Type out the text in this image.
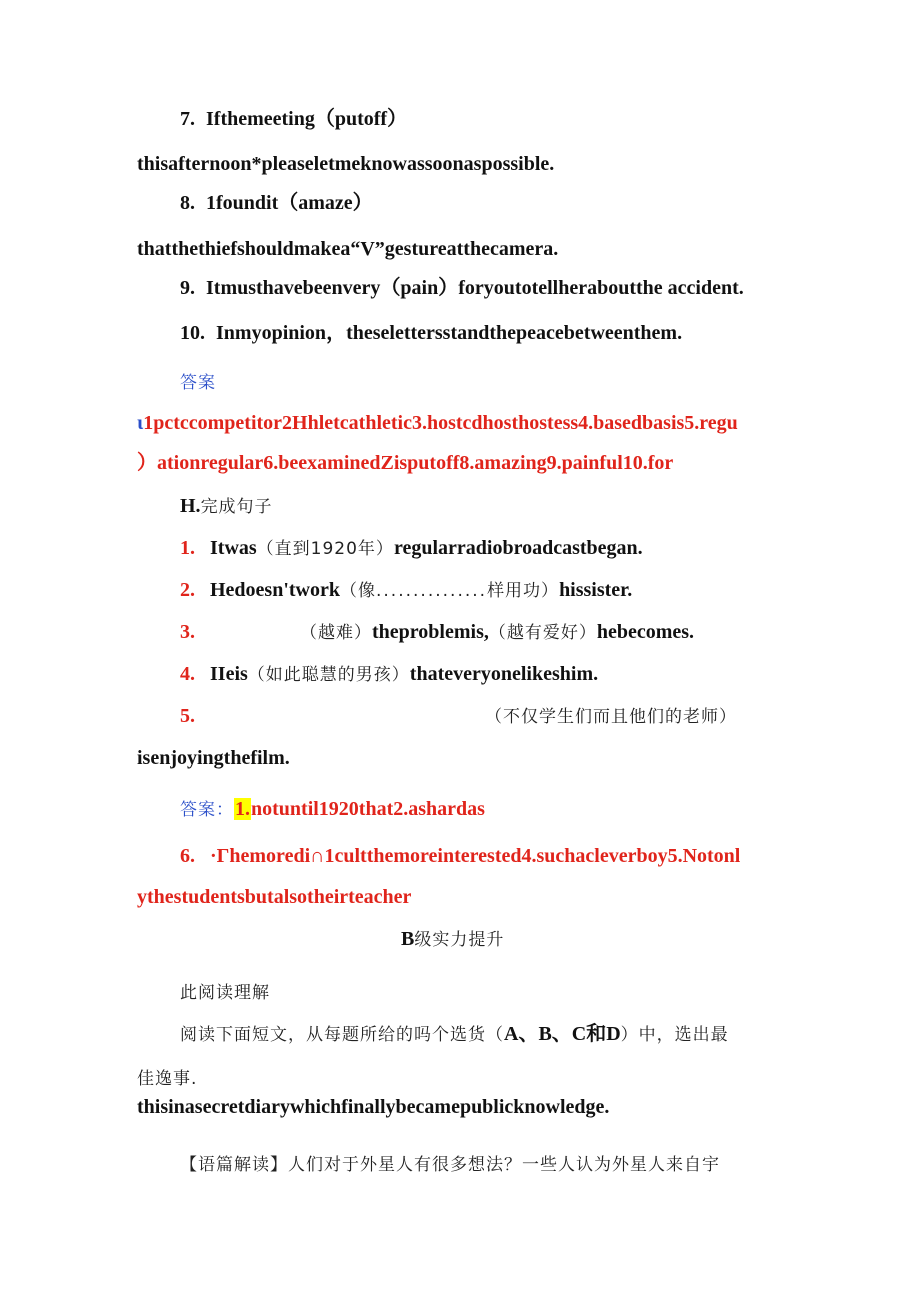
7. Ifthemeeting（putoff）
thisafternoon*pleaseletmeknowassoonaspossible.
8. 1foundit（amaze）
thatthethiefshouldmakea“V”gestureatthecamera.
9. Itmusthavebeenvery（pain）foryoutotellheraboutthe accident.
10. Inmyopinion，theselettersstandthepeacebetweenthem.
答案
ι1pctccompetitor2Hhletcathletic3.hostcdhosthostess4.basedbasis5.regu
）ationregular6.beexaminedZisputoff8.amazing9.painful10.for
H.完成句子
1. Itwas（直到1920年）regularradiobroadcastbegan.
2. Hedoesn'twork（像...............样用功）hissister.
3.	（越难）theproblemis,（越有爱好）hebecomes.
4. IIeis（如此聪慧的男孩）thateveryonelikeshim.
5.	（不仅学生们而且他们的老师）
isenjoyingthefilm.
答案：1.notuntil1920that2.ashardas
6. ·Γhemoredi∩1cultthemoreinterested4.suchacleverboy5.Notonl
ythestudentsbutalsotheirteacher
B级实力提升
此阅读理解
阅读下面短文，从每题所给的吗个选货（A、B、C和D）中，选出最
佳逸事.
thisinasecretdiarywhichfinallybecamepublicknowledge.
【语篇解读】人们对于外星人有很多想法？一些人认为外星人来自宇
